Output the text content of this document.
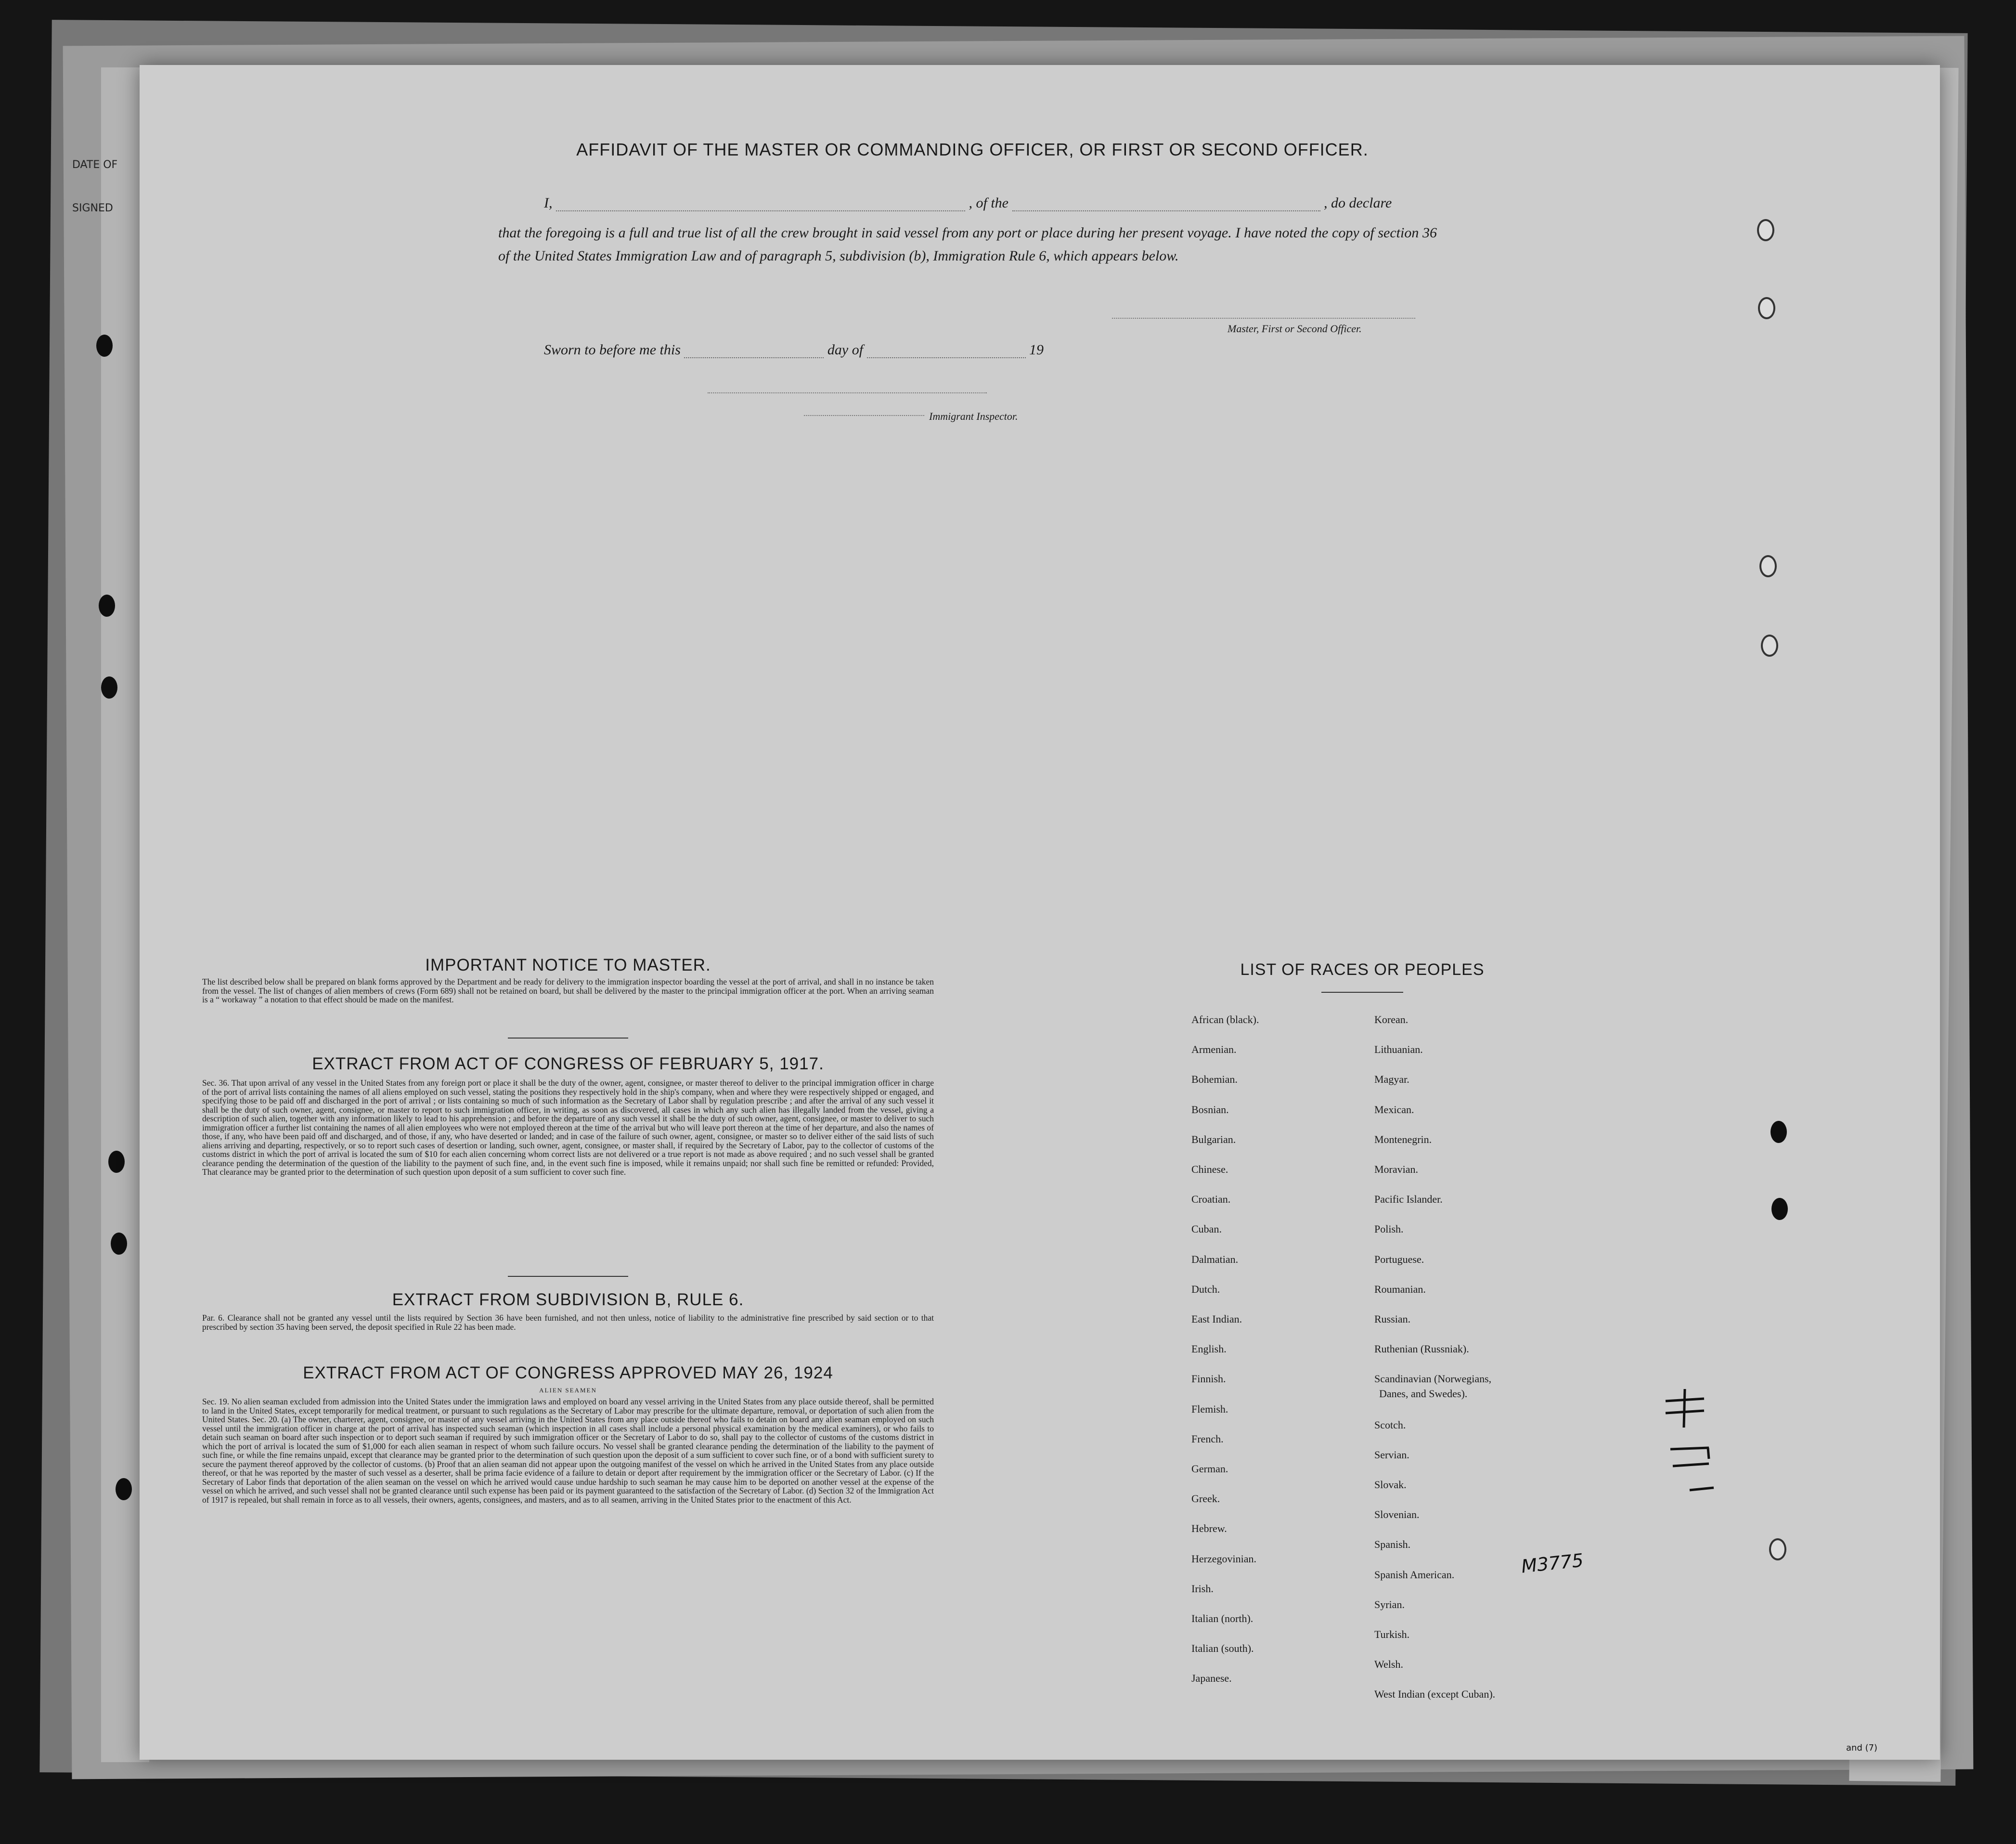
DATE OF
SIGNED
AFFIDAVIT OF THE MASTER OR COMMANDING OFFICER, OR FIRST OR SECOND OFFICER.
I,	, of the	, do declare
that the foregoing is a full and true list of all the crew brought in said vessel from any port or place during her present voyage. I have noted the copy of section 36 of the United States Immigration Law and of paragraph 5, subdivision (b), Immigration Rule 6, which appears below.
Master, First or Second Officer.
Sworn to before me this	day of	19
Immigrant Inspector.
IMPORTANT NOTICE TO MASTER.
The list described below shall be prepared on blank forms approved by the Department and be ready for delivery to the immigration inspector boarding the vessel at the port of arrival, and shall in no instance be taken from the vessel. The list of changes of alien members of crews (Form 689) shall not be retained on board, but shall be delivered by the master to the principal immigration officer at the port. When an arriving seaman is a “ workaway ” a notation to that effect should be made on the manifest.
EXTRACT FROM ACT OF CONGRESS OF FEBRUARY 5, 1917.
Sec. 36. That upon arrival of any vessel in the United States from any foreign port or place it shall be the duty of the owner, agent, consignee, or master thereof to deliver to the principal immigration officer in charge of the port of arrival lists containing the names of all aliens employed on such vessel, stating the positions they respectively hold in the ship's company, when and where they were respectively shipped or engaged, and specifying those to be paid off and discharged in the port of arrival ; or lists containing so much of such information as the Secretary of Labor shall by regulation prescribe ; and after the arrival of any such vessel it shall be the duty of such owner, agent, consignee, or master to report to such immigration officer, in writing, as soon as discovered, all cases in which any such alien has illegally landed from the vessel, giving a description of such alien, together with any information likely to lead to his apprehension ; and before the departure of any such vessel it shall be the duty of such owner, agent, consignee, or master to deliver to such immigration officer a further list containing the names of all alien employees who were not employed thereon at the time of the arrival but who will leave port thereon at the time of her departure, and also the names of those, if any, who have been paid off and discharged, and of those, if any, who have deserted or landed; and in case of the failure of such owner, agent, consignee, or master so to deliver either of the said lists of such aliens arriving and departing, respectively, or so to report such cases of desertion or landing, such owner, agent, consignee, or master shall, if required by the Secretary of Labor, pay to the collector of customs of the customs district in which the port of arrival is located the sum of $10 for each alien concerning whom correct lists are not delivered or a true report is not made as above required ; and no such vessel shall be granted clearance pending the determination of the question of the liability to the payment of such fine, and, in the event such fine is imposed, while it remains unpaid; nor shall such fine be remitted or refunded: Provided, That clearance may be granted prior to the determination of such question upon deposit of a sum sufficient to cover such fine.
EXTRACT FROM SUBDIVISION B, RULE 6.
Par. 6. Clearance shall not be granted any vessel until the lists required by Section 36 have been furnished, and not then unless, notice of liability to the administrative fine prescribed by said section or to that prescribed by section 35 having been served, the deposit specified in Rule 22 has been made.
EXTRACT FROM ACT OF CONGRESS APPROVED MAY 26, 1924
ALIEN SEAMEN
Sec. 19. No alien seaman excluded from admission into the United States under the immigration laws and employed on board any vessel arriving in the United States from any place outside thereof, shall be permitted to land in the United States, except temporarily for medical treatment, or pursuant to such regulations as the Secretary of Labor may prescribe for the ultimate departure, removal, or deportation of such alien from the United States. Sec. 20. (a) The owner, charterer, agent, consignee, or master of any vessel arriving in the United States from any place outside thereof who fails to detain on board any alien seaman employed on such vessel until the immigration officer in charge at the port of arrival has inspected such seaman (which inspection in all cases shall include a personal physical examination by the medical examiners), or who fails to detain such seaman on board after such inspection or to deport such seaman if required by such immigration officer or the Secretary of Labor to do so, shall pay to the collector of customs of the customs district in which the port of arrival is located the sum of $1,000 for each alien seaman in respect of whom such failure occurs. No vessel shall be granted clearance pending the determination of the liability to the payment of such fine, or while the fine remains unpaid, except that clearance may be granted prior to the determination of such question upon the deposit of a sum sufficient to cover such fine, or of a bond with sufficient surety to secure the payment thereof approved by the collector of customs. (b) Proof that an alien seaman did not appear upon the outgoing manifest of the vessel on which he arrived in the United States from any place outside thereof, or that he was reported by the master of such vessel as a deserter, shall be prima facie evidence of a failure to detain or deport after requirement by the immigration officer or the Secretary of Labor. (c) If the Secretary of Labor finds that deportation of the alien seaman on the vessel on which he arrived would cause undue hardship to such seaman he may cause him to be deported on another vessel at the expense of the vessel on which he arrived, and such vessel shall not be granted clearance until such expense has been paid or its payment guaranteed to the satisfaction of the Secretary of Labor. (d) Section 32 of the Immigration Act of 1917 is repealed, but shall remain in force as to all vessels, their owners, agents, consignees, and masters, and as to all seamen, arriving in the United States prior to the enactment of this Act.
LIST OF RACES OR PEOPLES
African (black).
Armenian.
Bohemian.
Bosnian.
Bulgarian.
Chinese.
Croatian.
Cuban.
Dalmatian.
Dutch.
East Indian.
English.
Finnish.
Flemish.
French.
German.
Greek.
Hebrew.
Herzegovinian.
Irish.
Italian (north).
Italian (south).
Japanese.
Korean.
Lithuanian.
Magyar.
Mexican.
Montenegrin.
Moravian.
Pacific Islander.
Polish.
Portuguese.
Roumanian.
Russian.
Ruthenian (Russniak).
Scandinavian (Norwegians,
Danes, and Swedes).
Scotch.
Servian.
Slovak.
Slovenian.
Spanish.
Spanish American.
Syrian.
Turkish.
Welsh.
West Indian (except Cuban).
and (7)
M3775
